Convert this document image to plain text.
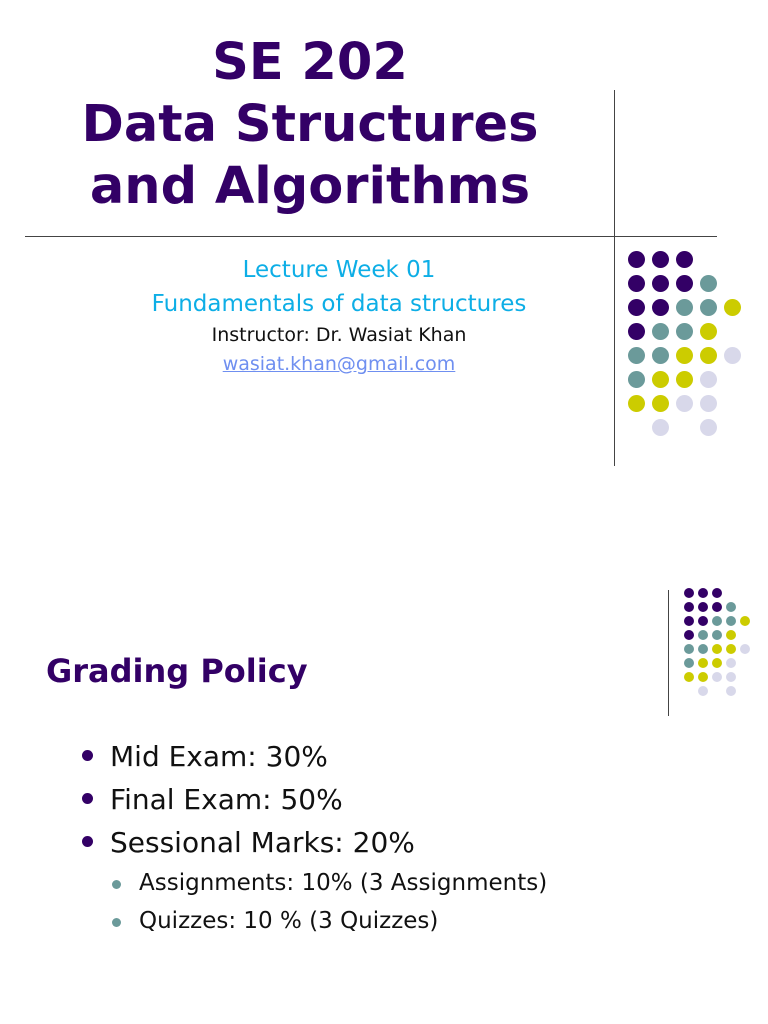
SE 202
Data Structures
and Algorithms

Lecture Week 01

Fundamentals of data structures

Instructor: Dr. Wasiat Khan

wasiat.khan@gmail.com

Grading Policy
Mid Exam: 30%
Final Exam: 50%
Sessional Marks: 20%
Assignments: 10% (3 Assignments)
Quizzes: 10 % (3 Quizzes)
